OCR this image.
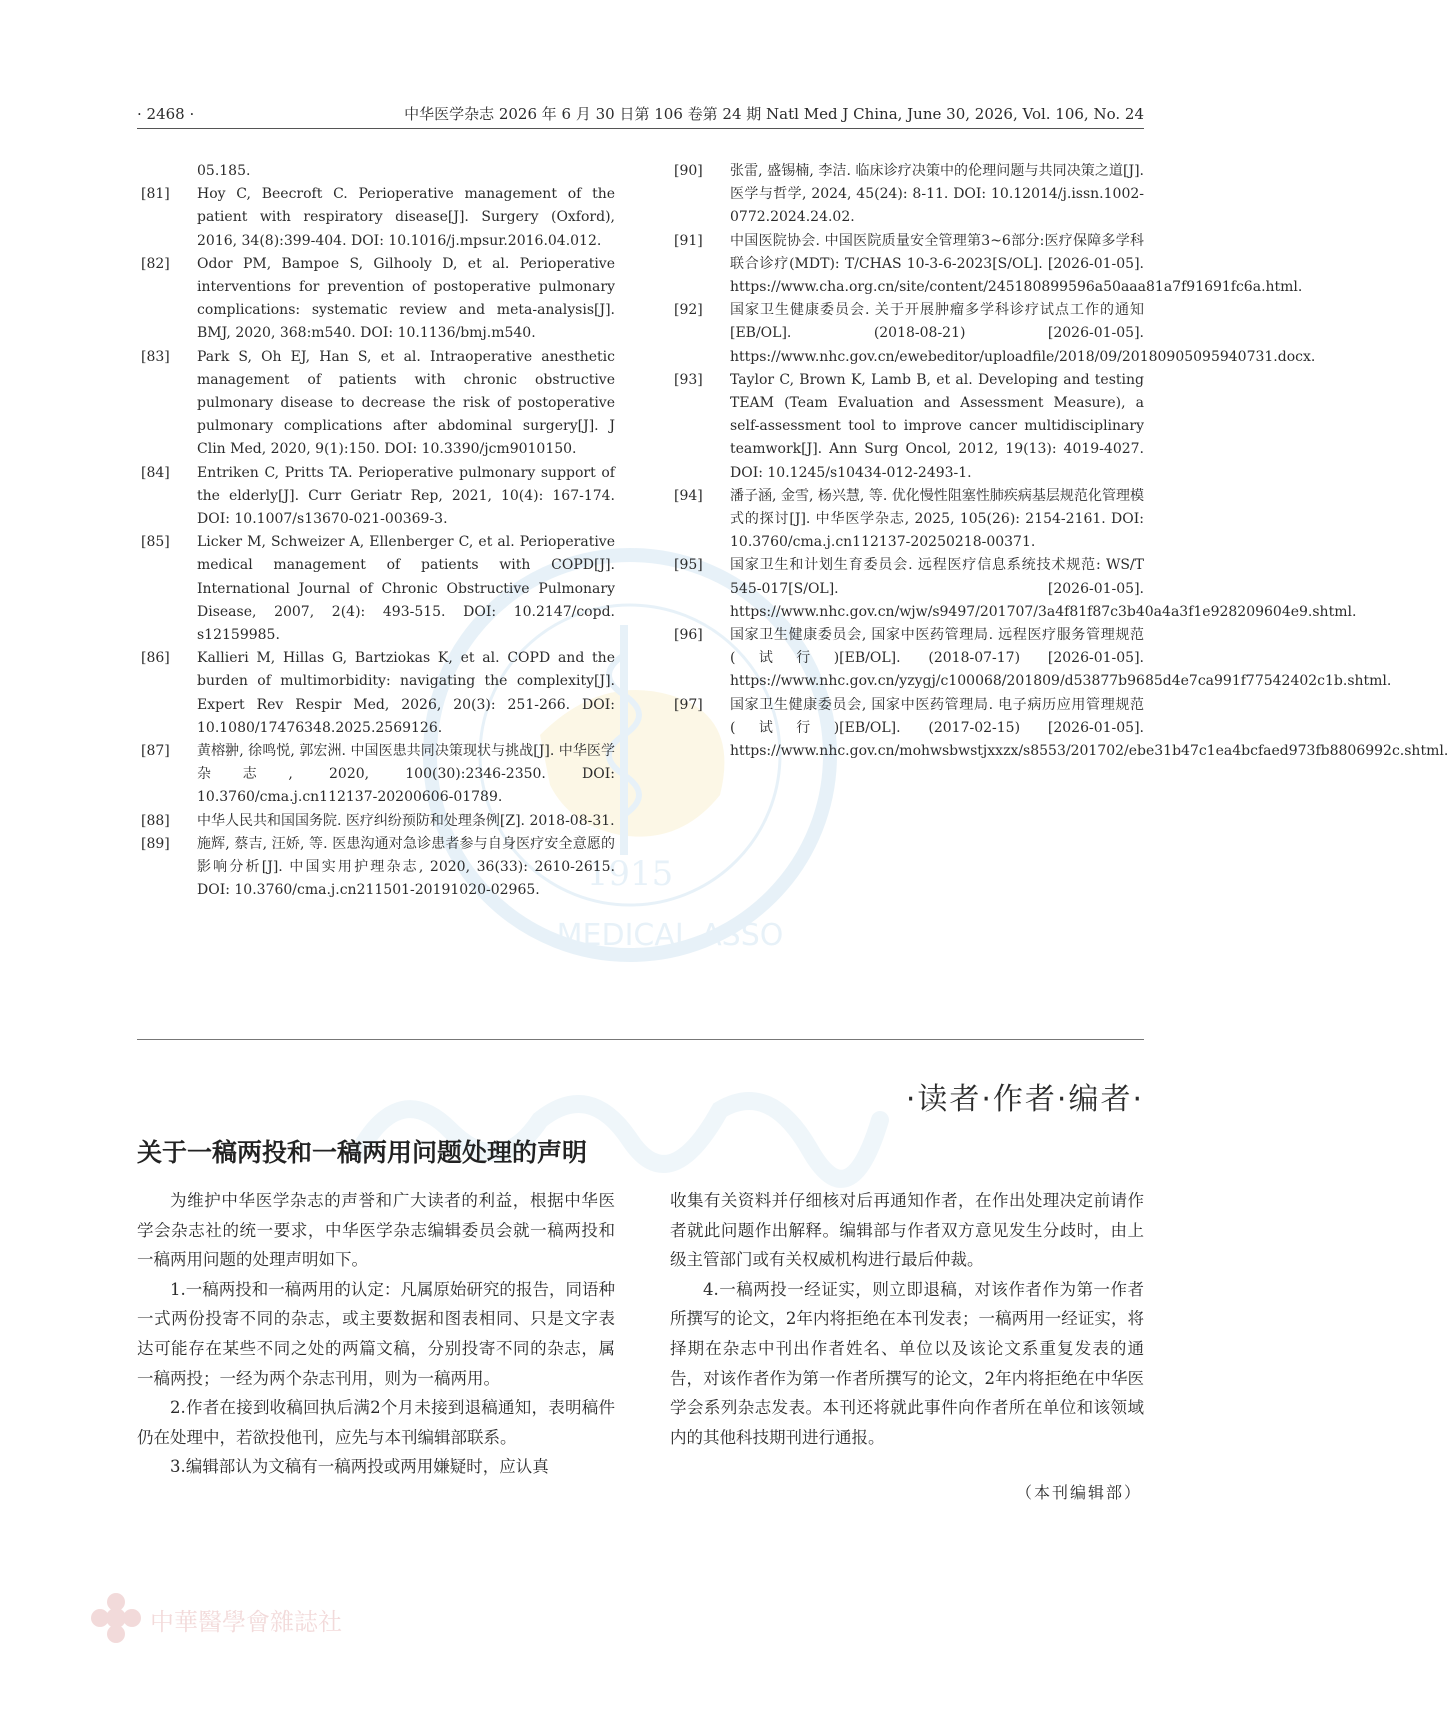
1915
MEDICAL ASSO
· 2468 ·	中华医学杂志 2026 年 6 月 30 日第 106 卷第 24 期 Natl Med J China, June 30, 2026, Vol. 106, No. 24

05.185.

[81] Hoy C, Beecroft C. Perioperative management of the patient with respiratory disease[J]. Surgery (Oxford), 2016, 34(8):399-404. DOI: 10.1016/j.mpsur.2016.04.012.

[82] Odor PM, Bampoe S, Gilhooly D, et al. Perioperative interventions for prevention of postoperative pulmonary complications: systematic review and meta-analysis[J]. BMJ, 2020, 368:m540. DOI: 10.1136/bmj.m540.

[83] Park S, Oh EJ, Han S, et al. Intraoperative anesthetic management of patients with chronic obstructive pulmonary disease to decrease the risk of postoperative pulmonary complications after abdominal surgery[J]. J Clin Med, 2020, 9(1):150. DOI: 10.3390/jcm9010150.

[84] Entriken C, Pritts TA. Perioperative pulmonary support of the elderly[J]. Curr Geriatr Rep, 2021, 10(4): 167-174. DOI: 10.1007/s13670-021-00369-3.

[85] Licker M, Schweizer A, Ellenberger C, et al. Perioperative medical management of patients with COPD[J]. International Journal of Chronic Obstructive Pulmonary Disease, 2007, 2(4): 493-515. DOI: 10.2147/copd. s12159985.

[86] Kallieri M, Hillas G, Bartziokas K, et al. COPD and the burden of multimorbidity: navigating the complexity[J]. Expert Rev Respir Med, 2026, 20(3): 251-266. DOI: 10.1080/17476348.2025.2569126.

[87] 黄榕翀, 徐鸣悦, 郭宏洲. 中国医患共同决策现状与挑战[J]. 中华医学杂志, 2020, 100(30):2346-2350. DOI: 10.3760/cma.j.cn112137-20200606-01789.

[88] 中华人民共和国国务院. 医疗纠纷预防和处理条例[Z]. 2018-08-31.

[89] 施辉, 蔡吉, 汪娇, 等. 医患沟通对急诊患者参与自身医疗安全意愿的影响分析[J]. 中国实用护理杂志, 2020, 36(33): 2610-2615. DOI: 10.3760/cma.j.cn211501-20191020-02965.

[90] 张雷, 盛锡楠, 李洁. 临床诊疗决策中的伦理问题与共同决策之道[J]. 医学与哲学, 2024, 45(24): 8-11. DOI: 10.12014/j.issn.1002-0772.2024.24.02.

[91] 中国医院协会. 中国医院质量安全管理第3~6部分:医疗保障多学科联合诊疗(MDT): T/CHAS 10-3-6-2023[S/OL]. [2026-01-05]. https://www.cha.org.cn/site/content/245180899596a50aaa81a7f91691fc6a.html.

[92] 国家卫生健康委员会. 关于开展肿瘤多学科诊疗试点工作的通知[EB/OL]. (2018-08-21) [2026-01-05]. https://www.nhc.gov.cn/ewebeditor/uploadfile/2018/09/20180905095940731.docx.

[93] Taylor C, Brown K, Lamb B, et al. Developing and testing TEAM (Team Evaluation and Assessment Measure), a self-assessment tool to improve cancer multidisciplinary teamwork[J]. Ann Surg Oncol, 2012, 19(13): 4019-4027. DOI: 10.1245/s10434-012-2493-1.

[94] 潘子涵, 金雪, 杨兴慧, 等. 优化慢性阻塞性肺疾病基层规范化管理模式的探讨[J]. 中华医学杂志, 2025, 105(26): 2154-2161. DOI: 10.3760/cma.j.cn112137-20250218-00371.

[95] 国家卫生和计划生育委员会. 远程医疗信息系统技术规范: WS/T 545-017[S/OL]. [2026-01-05]. https://www.nhc.gov.cn/wjw/s9497/201707/3a4f81f87c3b40a4a3f1e928209604e9.shtml.

[96] 国家卫生健康委员会, 国家中医药管理局. 远程医疗服务管理规范(试行)[EB/OL]. (2018-07-17) [2026-01-05]. https://www.nhc.gov.cn/yzygj/c100068/201809/d53877b9685d4e7ca991f77542402c1b.shtml.

[97] 国家卫生健康委员会, 国家中医药管理局. 电子病历应用管理规范(试行)[EB/OL]. (2017-02-15) [2026-01-05]. https://www.nhc.gov.cn/mohwsbwstjxxzx/s8553/201702/ebe31b47c1ea4bcfaed973fb8806992c.shtml.

·读者·作者·编者·
关于一稿两投和一稿两用问题处理的声明

为维护中华医学杂志的声誉和广大读者的利益，根据中华医学会杂志社的统一要求，中华医学杂志编辑委员会就一稿两投和一稿两用问题的处理声明如下。

1.一稿两投和一稿两用的认定：凡属原始研究的报告，同语种一式两份投寄不同的杂志，或主要数据和图表相同、只是文字表达可能存在某些不同之处的两篇文稿，分别投寄不同的杂志，属一稿两投；一经为两个杂志刊用，则为一稿两用。

2.作者在接到收稿回执后满2个月未接到退稿通知，表明稿件仍在处理中，若欲投他刊，应先与本刊编辑部联系。

3.编辑部认为文稿有一稿两投或两用嫌疑时，应认真

收集有关资料并仔细核对后再通知作者，在作出处理决定前请作者就此问题作出解释。编辑部与作者双方意见发生分歧时，由上级主管部门或有关权威机构进行最后仲裁。

4.一稿两投一经证实，则立即退稿，对该作者作为第一作者所撰写的论文，2年内将拒绝在本刊发表；一稿两用一经证实，将择期在杂志中刊出作者姓名、单位以及该论文系重复发表的通告，对该作者作为第一作者所撰写的论文，2年内将拒绝在中华医学会系列杂志发表。本刊还将就此事件向作者所在单位和该领域内的其他科技期刊进行通报。

（本刊编辑部）
中華醫學會雜誌社
